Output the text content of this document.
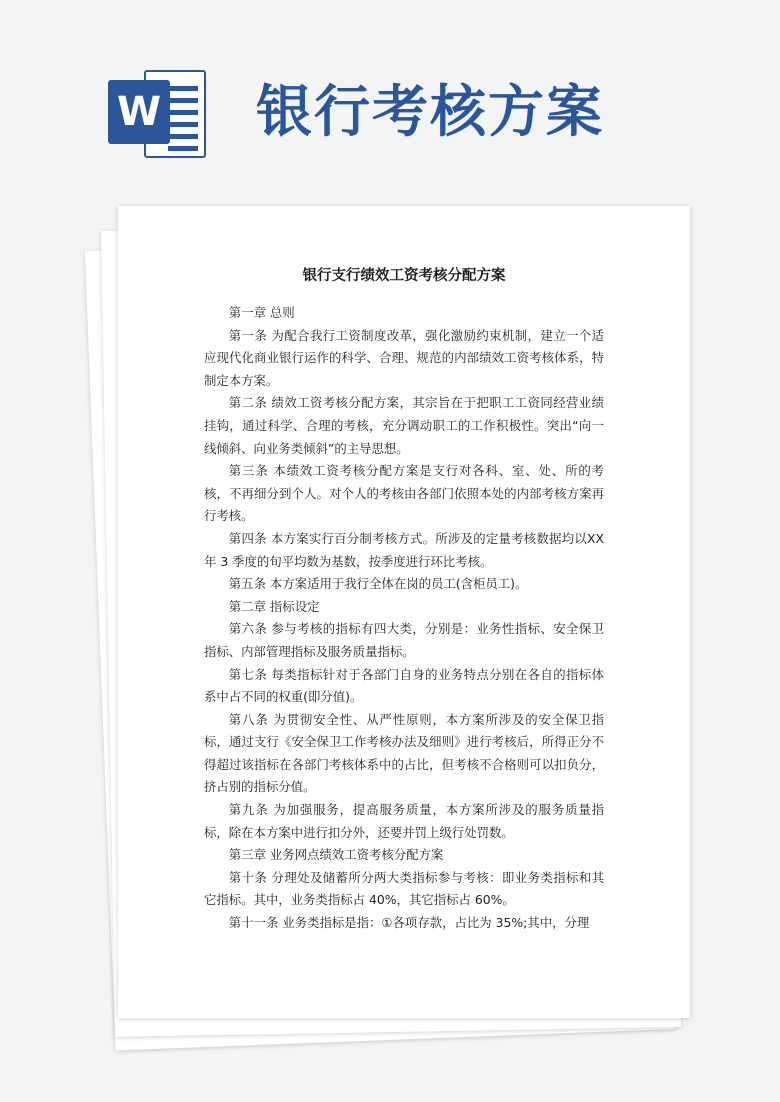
W 银行考核方案
银行支行绩效工资考核分配方案

第一章 总则

第一条 为配合我行工资制度改革，强化激励约束机制，建立一个适应现代化商业银行运作的科学、合理、规范的内部绩效工资考核体系，特制定本方案。

第二条 绩效工资考核分配方案，其宗旨在于把职工工资同经营业绩挂钩，通过科学、合理的考核，充分调动职工的工作积极性。突出“向一线倾斜、向业务类倾斜”的主导思想。

第三条 本绩效工资考核分配方案是支行对各科、室、处、所的考核，不再细分到个人。对个人的考核由各部门依照本处的内部考核方案再行考核。

第四条 本方案实行百分制考核方式。所涉及的定量考核数据均以XX 年 3 季度的旬平均数为基数，按季度进行环比考核。

第五条 本方案适用于我行全体在岗的员工(含柜员工)。

第二章 指标设定

第六条 参与考核的指标有四大类，分别是：业务性指标、安全保卫指标、内部管理指标及服务质量指标。

第七条 每类指标针对于各部门自身的业务特点分别在各自的指标体系中占不同的权重(即分值)。

第八条 为贯彻安全性、从严性原则，本方案所涉及的安全保卫指标，通过支行《安全保卫工作考核办法及细则》进行考核后，所得正分不得超过该指标在各部门考核体系中的占比，但考核不合格则可以扣负分，挤占别的指标分值。

第九条 为加强服务，提高服务质量，本方案所涉及的服务质量指标，除在本方案中进行扣分外，还要并罚上级行处罚数。

第三章 业务网点绩效工资考核分配方案

第十条 分理处及储蓄所分两大类指标参与考核：即业务类指标和其它指标。其中，业务类指标占 40%，其它指标占 60%。

第十一条 业务类指标是指：①各项存款，占比为 35%;其中，分理
